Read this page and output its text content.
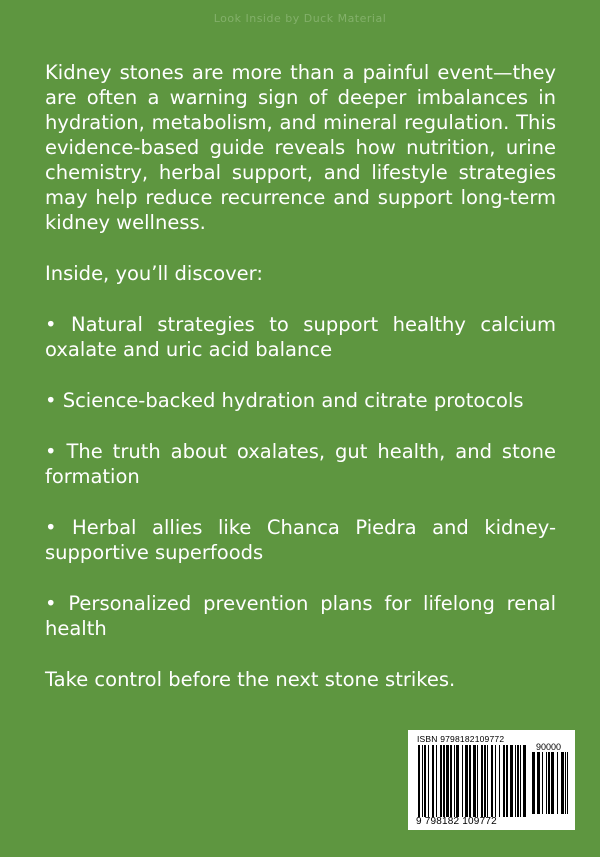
Look Inside by Duck Material

Kidney stones are more than a painful event—they are often a warning sign of deeper imbalances in hydration, metabolism, and mineral regulation. This evidence-based guide reveals how nutrition, urine chemistry, herbal support, and lifestyle strategies may help reduce recurrence and support long-term kidney wellness.

Inside, you’ll discover:

• Natural strategies to support healthy calcium oxalate and uric acid balance

• Science-backed hydration and citrate protocols

• The truth about oxalates, gut health, and stone formation

• Herbal allies like Chanca Piedra and kidney-supportive superfoods

• Personalized prevention plans for lifelong renal health

Take control before the next stone strikes.

ISBN 9798182109772
90000
9 798182 109772
